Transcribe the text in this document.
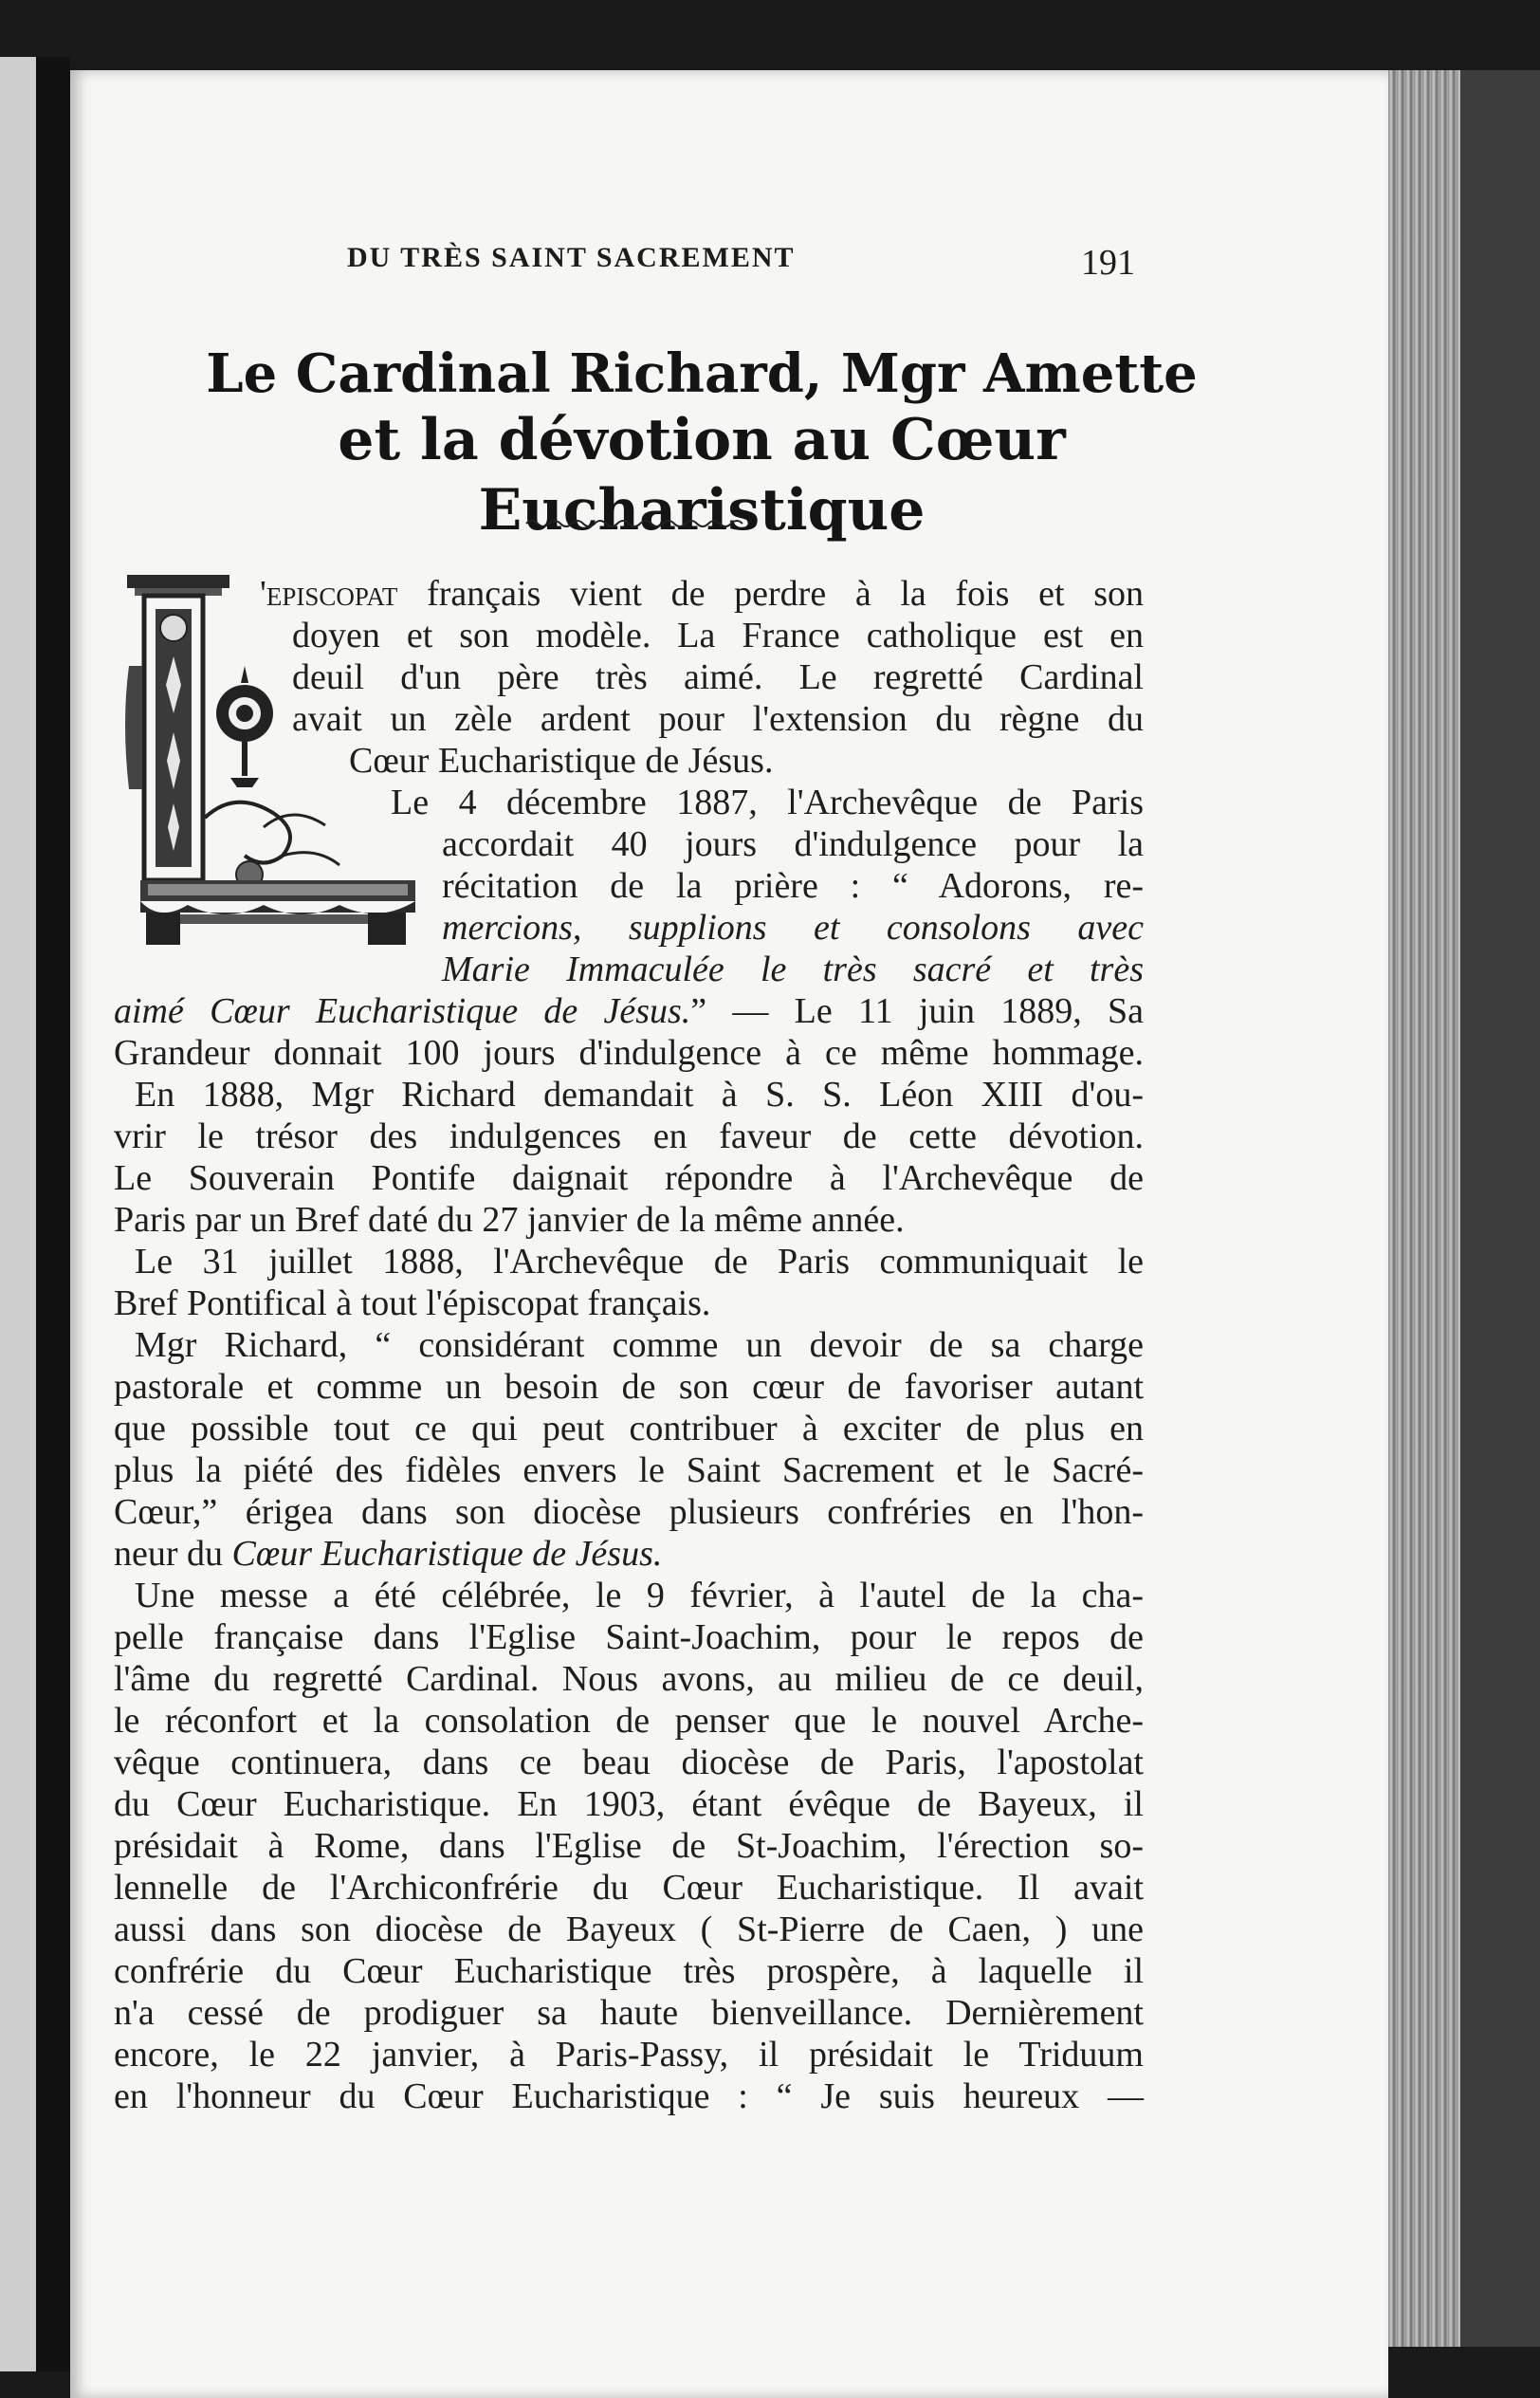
DU TRÈS SAINT SACREMENT	191
Le Cardinal Richard, Mgr Amette
et la dévotion au Cœur Eucharistique
'episcopat français vient de perdre à la fois et son
doyen et son modèle. La France catholique est en
deuil d'un père très aimé. Le regretté Cardinal
avait un zèle ardent pour l'extension du règne du
Cœur Eucharistique de Jésus.
Le 4 décembre 1887, l'Archevêque de Paris
accordait 40 jours d'indulgence pour la
récitation de la prière : “ Adorons, re-
mercions, supplions et consolons avec
Marie Immaculée le très sacré et très
aimé Cœur Eucharistique de Jésus.” — Le 11 juin 1889, Sa
Grandeur donnait 100 jours d'indulgence à ce même hommage.
En 1888, Mgr Richard demandait à S. S. Léon XIII d'ou-
vrir le trésor des indulgences en faveur de cette dévotion.
Le Souverain Pontife daignait répondre à l'Archevêque de
Paris par un Bref daté du 27 janvier de la même année.
Le 31 juillet 1888, l'Archevêque de Paris communiquait le
Bref Pontifical à tout l'épiscopat français.
Mgr Richard, “ considérant comme un devoir de sa charge
pastorale et comme un besoin de son cœur de favoriser autant
que possible tout ce qui peut contribuer à exciter de plus en
plus la piété des fidèles envers le Saint Sacrement et le Sacré-
Cœur,” érigea dans son diocèse plusieurs confréries en l'hon-
neur du Cœur Eucharistique de Jésus.
Une messe a été célébrée, le 9 février, à l'autel de la cha-
pelle française dans l'Eglise Saint-Joachim, pour le repos de
l'âme du regretté Cardinal. Nous avons, au milieu de ce deuil,
le réconfort et la consolation de penser que le nouvel Arche-
vêque continuera, dans ce beau diocèse de Paris, l'apostolat
du Cœur Eucharistique. En 1903, étant évêque de Bayeux, il
présidait à Rome, dans l'Eglise de St-Joachim, l'érection so-
lennelle de l'Archiconfrérie du Cœur Eucharistique. Il avait
aussi dans son diocèse de Bayeux ( St-Pierre de Caen, ) une
confrérie du Cœur Eucharistique très prospère, à laquelle il
n'a cessé de prodiguer sa haute bienveillance. Dernièrement
encore, le 22 janvier, à Paris-Passy, il présidait le Triduum
en l'honneur du Cœur Eucharistique : “ Je suis heureux —
